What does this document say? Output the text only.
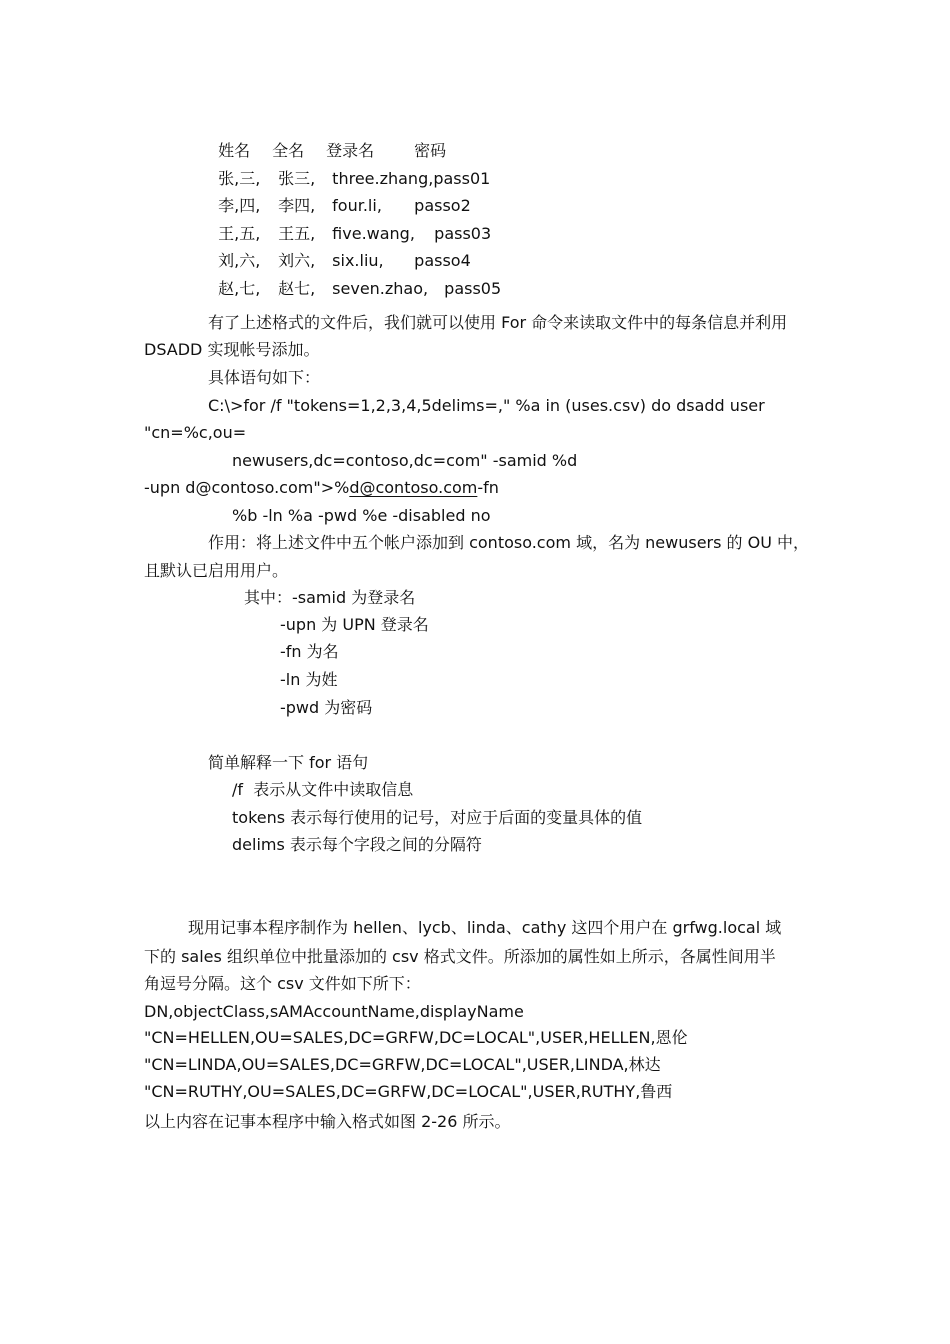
姓名 全名 登录名 密码

张,三, 张三, three.zhang,pass01

李,四, 李四, four.li, passo2

王,五, 王五, five.wang, pass03

刘,六, 刘六, six.liu, passo4

赵,七, 赵七, seven.zhao, pass05

有了上述格式的文件后，我们就可以使用 For 命令来读取文件中的每条信息并利用
DSADD 实现帐号添加。
具体语句如下：
C:\>for /f "tokens=1,2,3,4,5delims=," %a in (uses.csv) do dsadd user
"cn=%c,ou=
newusers,dc=contoso,dc=com" -samid %d
-upn d@contoso.com">%d@contoso.com-fn
%b -ln %a -pwd %e -disabled no
作用：将上述文件中五个帐户添加到 contoso.com 域，名为 newusers 的 OU 中，
且默认已启用用户。
其中：-samid 为登录名
-upn 为 UPN 登录名
-fn 为名
-ln 为姓
-pwd 为密码
简单解释一下 for 语句
/f  表示从文件中读取信息
tokens 表示每行使用的记号，对应于后面的变量具体的值
delims 表示每个字段之间的分隔符
现用记事本程序制作为 hellen、lycb、linda、cathy 这四个用户在 grfwg.local 域
下的 sales 组织单位中批量添加的 csv 格式文件。所添加的属性如上所示，各属性间用半
角逗号分隔。这个 csv 文件如下所下：
DN,objectClass,sAMAccountName,displayName
"CN=HELLEN,OU=SALES,DC=GRFW,DC=LOCAL",USER,HELLEN,恩伦
"CN=LINDA,OU=SALES,DC=GRFW,DC=LOCAL",USER,LINDA,林达
"CN=RUTHY,OU=SALES,DC=GRFW,DC=LOCAL",USER,RUTHY,鲁西
以上内容在记事本程序中输入格式如图 2-26 所示。
